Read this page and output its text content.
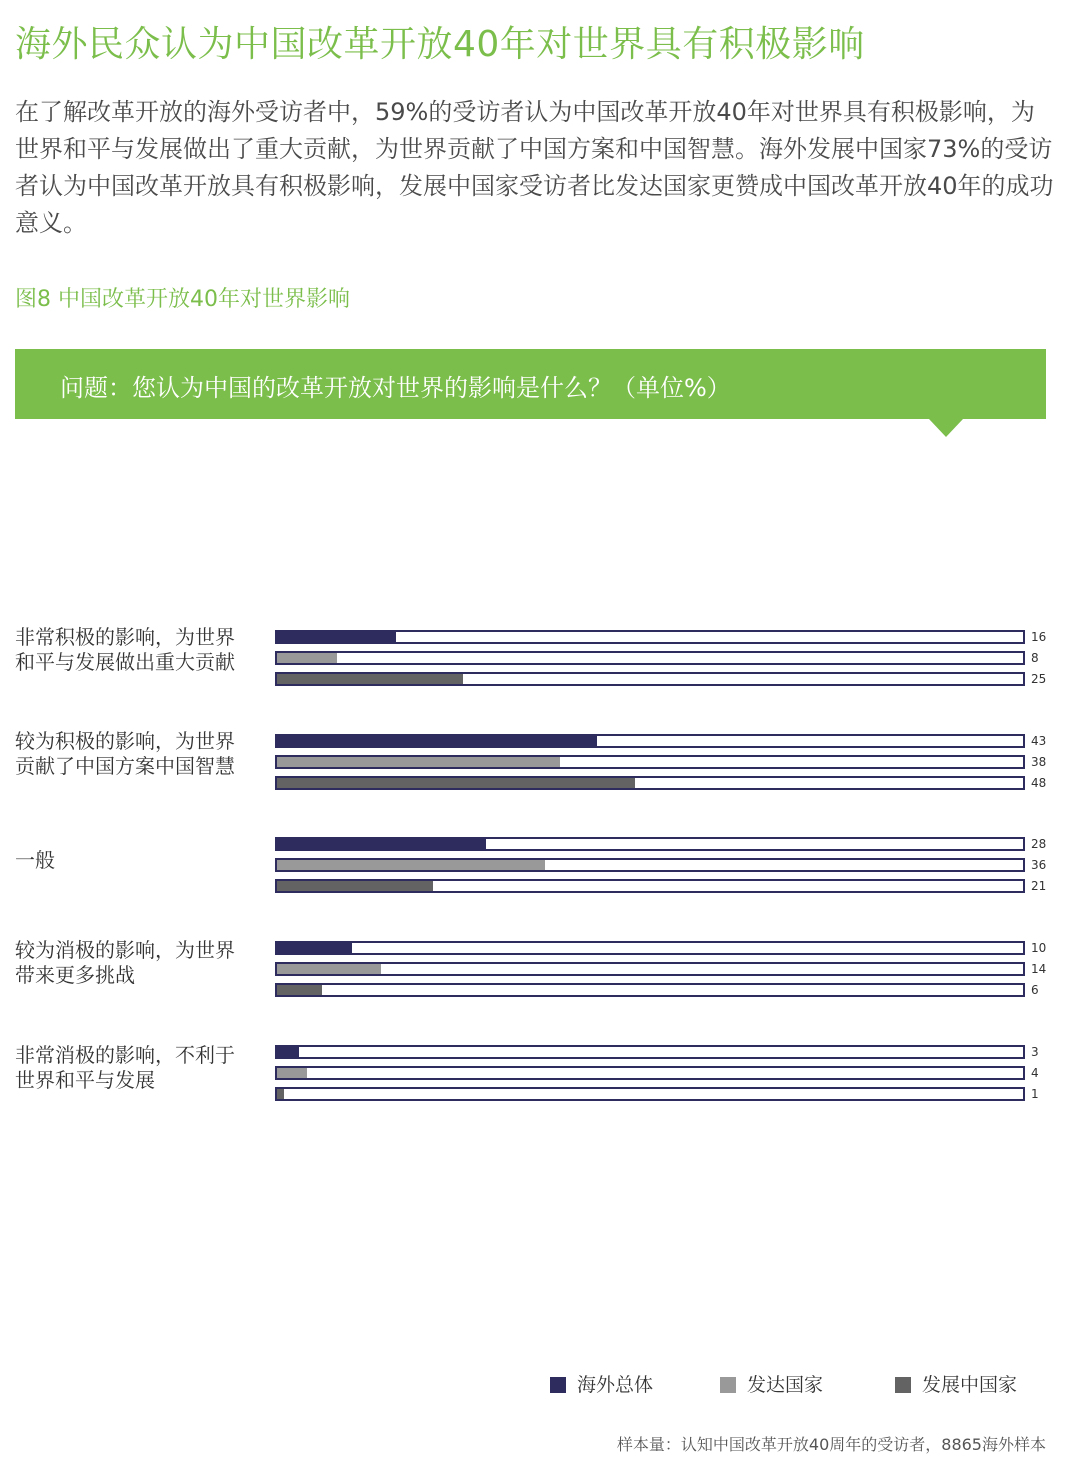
海外民众认为中国改革开放40年对世界具有积极影响
在了解改革开放的海外受访者中，59%的受访者认为中国改革开放40年对世界具有积极影响，为世界和平与发展做出了重大贡献，为世界贡献了中国方案和中国智慧。海外发展中国家73%的受访者认为中国改革开放具有积极影响，发展中国家受访者比发达国家更赞成中国改革开放40年的成功意义。
图8 中国改革开放40年对世界影响
问题：您认为中国的改革开放对世界的影响是什么？（单位%）
非常积极的影响，为世界和平与发展做出重大贡献
16
8
25
较为积极的影响，为世界贡献了中国方案中国智慧
43
38
48
一般
28
36
21
较为消极的影响，为世界带来更多挑战
10
14
6
非常消极的影响，不利于世界和平与发展
3
4
1
海外总体	发达国家	发展中国家
样本量：认知中国改革开放40周年的受访者，8865海外样本
